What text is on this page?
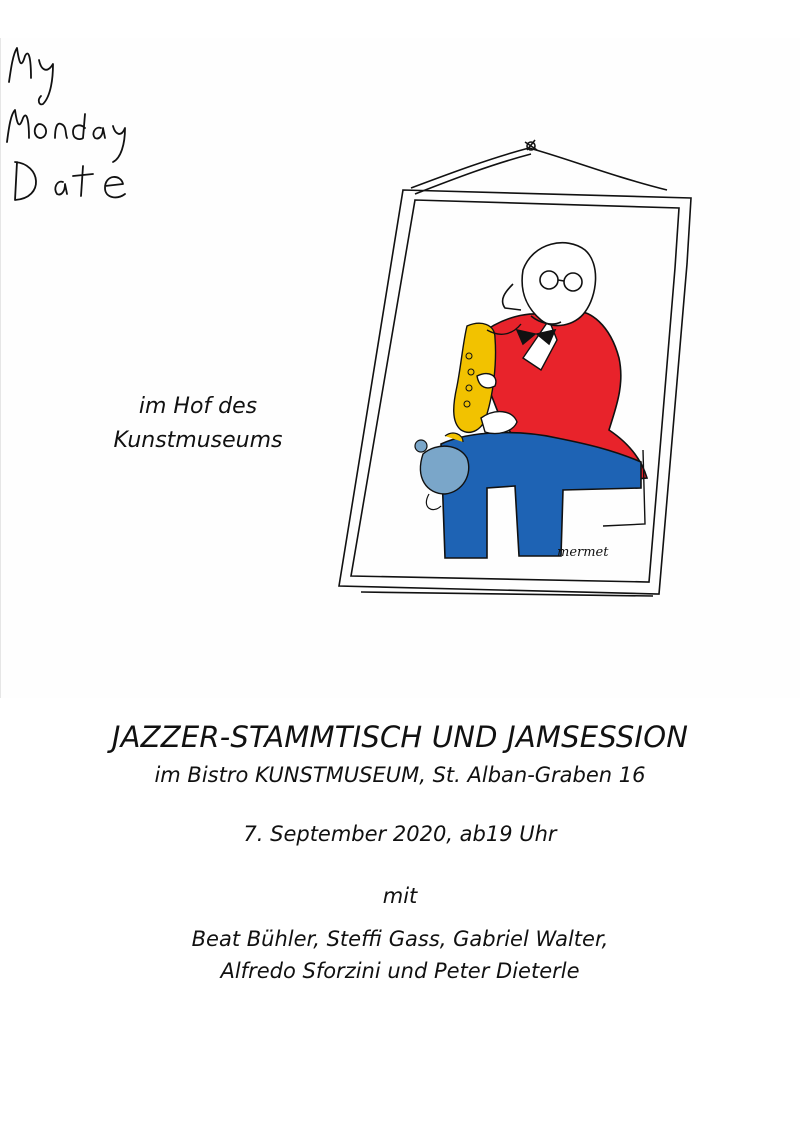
mermet
im Hof des
Kunstmuseums
JAZZER-STAMMTISCH UND JAMSESSION
im Bistro KUNSTMUSEUM, St. Alban-Graben 16
7. September 2020, ab19 Uhr
mit
Beat Bühler, Steffi Gass, Gabriel Walter,
Alfredo Sforzini und Peter Dieterle
